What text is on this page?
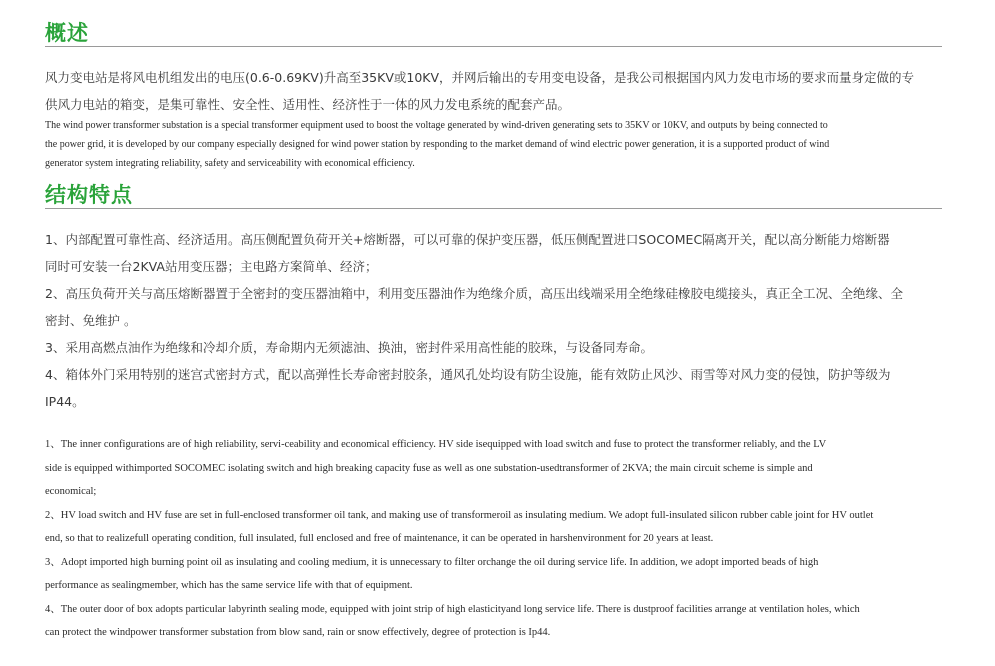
概述
风力变电站是将风电机组发出的电压(0.6-0.69KV)升高至35KV或10KV，并网后输出的专用变电设备，是我公司根据国内风力发电市场的要求而量身定做的专
供风力电站的箱变，是集可靠性、安全性、适用性、经济性于一体的风力发电系统的配套产品。
The wind power transformer substation is a special transformer equipment used to boost the voltage generated by wind-driven generating sets to 35KV or 10KV, and outputs by being connected to
the power grid, it is developed by our company especially designed for wind power station by responding to the market demand of wind electric power generation, it is a supported product of wind
generator system integrating reliability, safety and serviceability with economical efficiency.
结构特点
1、内部配置可靠性高、经济适用。高压侧配置负荷开关+熔断器，可以可靠的保护变压器，低压侧配置进口SOCOMEC隔离开关，配以高分断能力熔断器
同时可安装一台2KVA站用变压器；主电路方案简单、经济；
2、高压负荷开关与高压熔断器置于全密封的变压器油箱中，利用变压器油作为绝缘介质，高压出线端采用全绝缘硅橡胶电缆接头，真正全工况、全绝缘、全
密封、免维护 。
3、采用高燃点油作为绝缘和冷却介质，寿命期内无须滤油、换油，密封件采用高性能的胶珠，与设备同寿命。
4、箱体外门采用特别的迷宫式密封方式，配以高弹性长寿命密封胶条，通风孔处均设有防尘设施，能有效防止风沙、雨雪等对风力变的侵蚀，防护等级为
IP44。
1、The inner configurations are of high reliability, servi-ceability and economical efficiency. HV side isequipped with load switch and fuse to protect the transformer reliably, and the LV
side is equipped withimported SOCOMEC isolating switch and high breaking capacity fuse as well as one substation-usedtransformer of 2KVA; the main circuit scheme is simple and
economical;
2、HV load switch and HV fuse are set in full-enclosed transformer oil tank, and making use of transformeroil as insulating medium. We adopt full-insulated silicon rubber cable joint for HV outlet
end, so that to realizefull operating condition, full insulated, full enclosed and free of maintenance, it can be operated in harshenvironment for 20 years at least.
3、Adopt imported high burning point oil as insulating and cooling medium, it is unnecessary to filter orchange the oil during service life. In addition, we adopt imported beads of high
performance as sealingmember, which has the same service life with that of equipment.
4、The outer door of box adopts particular labyrinth sealing mode, equipped with joint strip of high elasticityand long service life. There is dustproof facilities arrange at ventilation holes, which
can protect the windpower transformer substation from blow sand, rain or snow effectively, degree of protection is Ip44.
